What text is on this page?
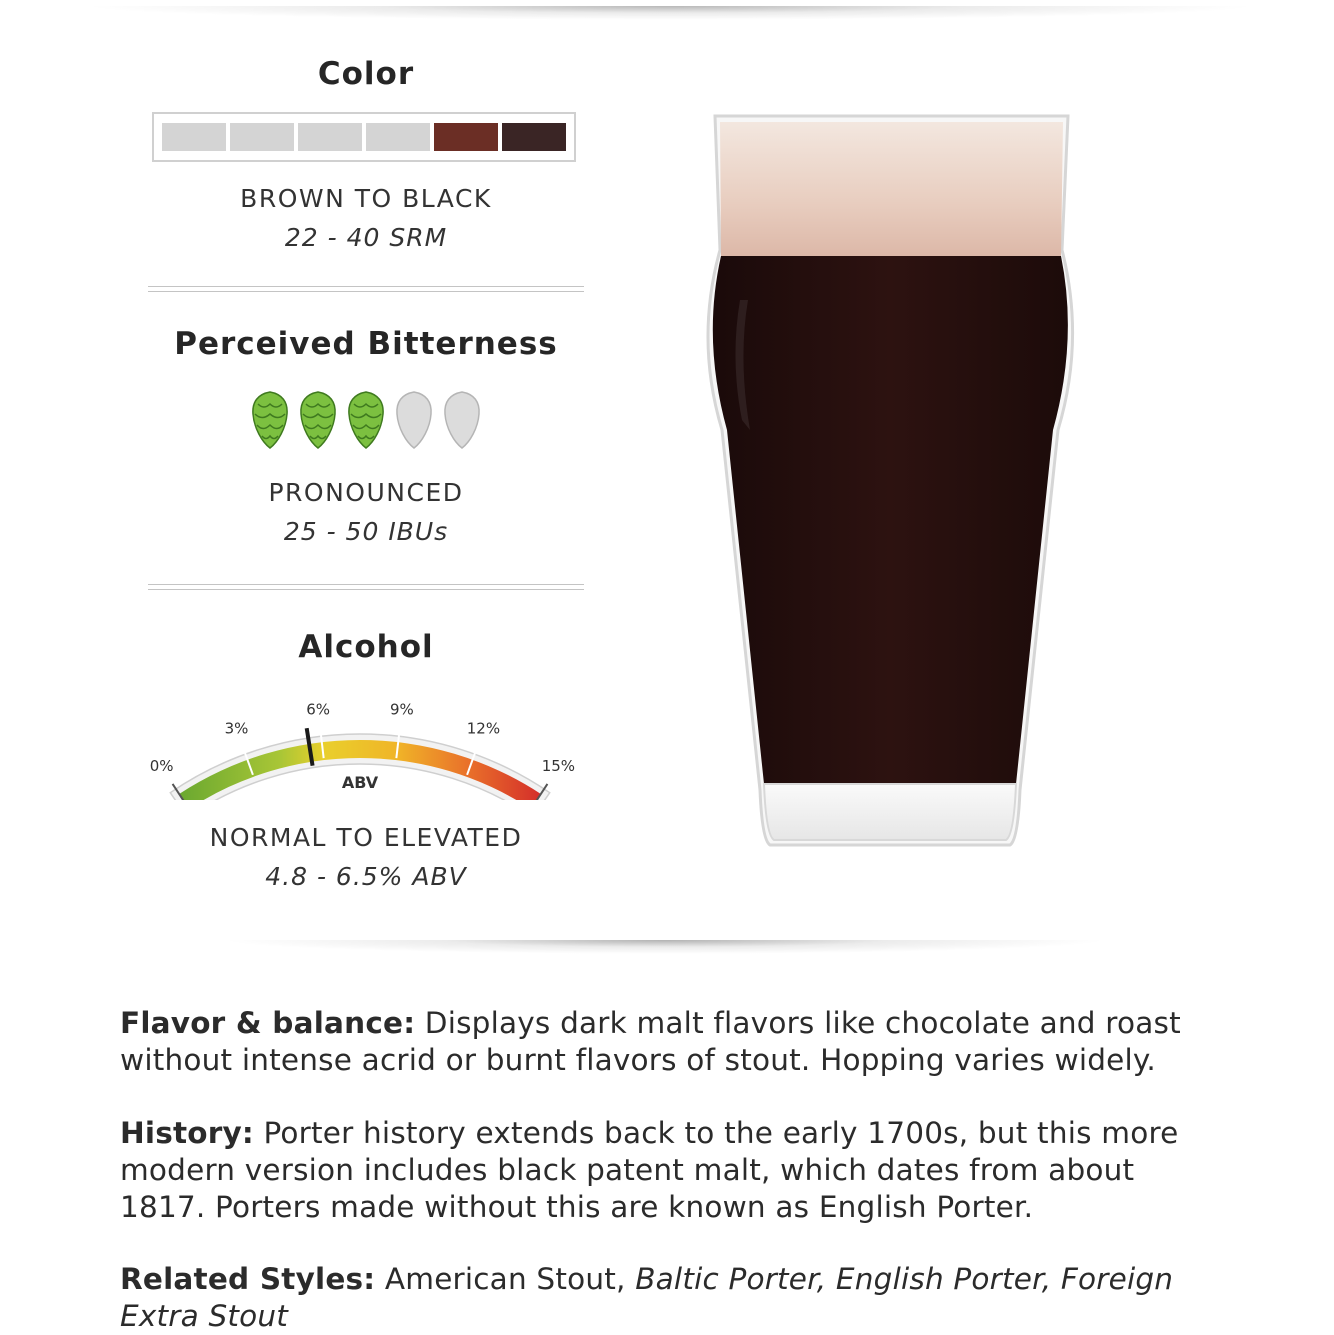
Color
BROWN TO BLACK
22 - 40 SRM
Perceived Bitterness
PRONOUNCED
25 - 50 IBUs
Alcohol
0%
3%
6%	9%
12%
15%
ABV
NORMAL TO ELEVATED
4.8 - 6.5% ABV
Flavor & balance: Displays dark malt flavors like chocolate and roast without intense acrid or burnt flavors of stout. Hopping varies widely.
History: Porter history extends back to the early 1700s, but this more modern version includes black patent malt, which dates from about 1817. Porters made without this are known as English Porter.
Related Styles: American Stout, Baltic Porter, English Porter, Foreign Extra Stout
